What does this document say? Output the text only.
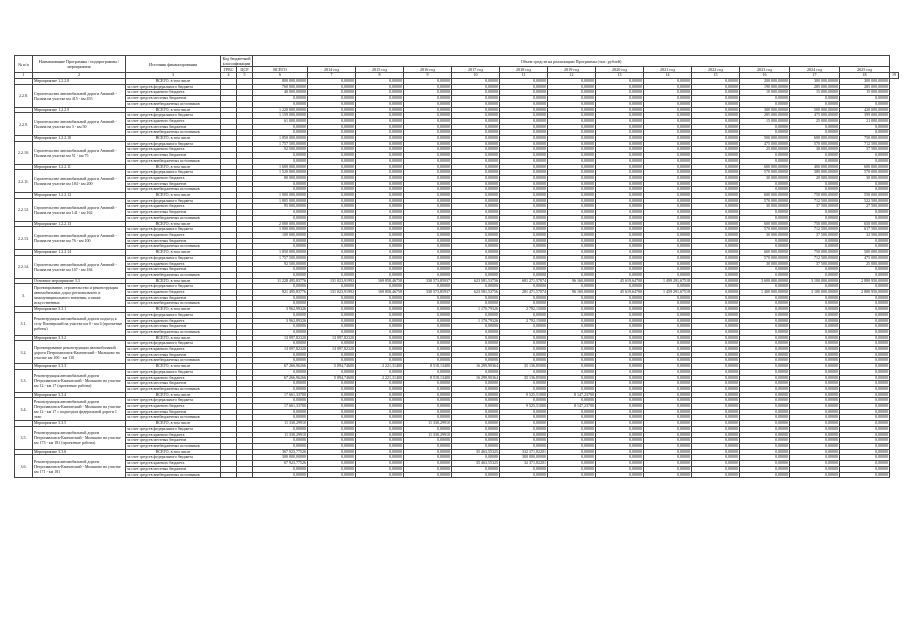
№ п/п	Наименование Программы / подпрограммы / мероприятия	Источник финансирования	Код бюджетной классификации		Объем средств на реализацию Программы (тыс. рублей)													
			ГРБС	ЦСР	ВСЕГО	2014 год	2015 год	2016 год	2017 год	2018 год	2019 год	2020 год	2021 год	2022 год	2023 год	2024 год	2025 год	
1	2	3	4	5	6	7	8	9	10	11	12	13	14	15	16	17	18	19
	Мероприятие 1.2.2.8	ВСЕГО, в том числе			800 000,00000	0,00000	0,00000	0,00000	0,00000	0,00000	0,00000	0,00000	0,00000	0,00000	200 000,00000	300 000,00000	300 000,00000	
2.2.8.	Строительство автомобильной дороги Анавгай - Палана на участке км 415 - км 455	за счет средств федерального бюджета			760 000,00000	0,00000	0,00000	0,00000	0,00000	0,00000	0,00000	0,00000	0,00000	0,00000	190 000,00000	285 000,00000	285 000,00000	
		за счет средств краевого бюджета			40 000,00000	0,00000	0,00000	0,00000	0,00000	0,00000	0,00000	0,00000	0,00000	0,00000	10 000,00000	15 000,00000	15 000,00000	
		за счет средств местных бюджетов			0,00000	0,00000	0,00000	0,00000	0,00000	0,00000	0,00000	0,00000	0,00000	0,00000	0,00000	0,00000	0,00000	
		за счет средств внебюджетных источников			0,00000	0,00000	0,00000	0,00000	0,00000	0,00000	0,00000	0,00000	0,00000	0,00000	0,00000	0,00000	0,00000	
	Мероприятие 1.2.2.9	ВСЕГО, в том числе			1 220 000,00000	0,00000	0,00000	0,00000	0,00000	0,00000	0,00000	0,00000	0,00000	0,00000	300 000,00000	500 000,00000	420 000,00000	
2.2.9.	Строительство автомобильной дороги Анавгай - Палана на участке км 3 - км 50	за счет средств федерального бюджета			1 159 000,00000	0,00000	0,00000	0,00000	0,00000	0,00000	0,00000	0,00000	0,00000	0,00000	285 000,00000	475 000,00000	399 000,00000	
		за счет средств краевого бюджета			61 000,00000	0,00000	0,00000	0,00000	0,00000	0,00000	0,00000	0,00000	0,00000	0,00000	15 000,00000	25 000,00000	21 000,00000	
		за счет средств местных бюджетов			0,00000	0,00000	0,00000	0,00000	0,00000	0,00000	0,00000	0,00000	0,00000	0,00000	0,00000	0,00000	0,00000	
		за счет средств внебюджетных источников			0,00000	0,00000	0,00000	0,00000	0,00000	0,00000	0,00000	0,00000	0,00000	0,00000	0,00000	0,00000	0,00000	
	Мероприятие 1.2.2.10	ВСЕГО, в том числе			1 850 000,00000	0,00000	0,00000	0,00000	0,00000	0,00000	0,00000	0,00000	0,00000	0,00000	500 000,00000	600 000,00000	750 000,00000	
2.2.10.	Строительство автомобильной дороги Анавгай - Палана на участке км 51 - км 75	за счет средств федерального бюджета			1 757 500,00000	0,00000	0,00000	0,00000	0,00000	0,00000	0,00000	0,00000	0,00000	0,00000	475 000,00000	570 000,00000	712 500,00000	
		за счет средств краевого бюджета			92 500,00000	0,00000	0,00000	0,00000	0,00000	0,00000	0,00000	0,00000	0,00000	0,00000	25 000,00000	30 000,00000	37 500,00000	
		за счет средств местных бюджетов			0,00000	0,00000	0,00000	0,00000	0,00000	0,00000	0,00000	0,00000	0,00000	0,00000	0,00000	0,00000	0,00000	
		за счет средств внебюджетных источников			0,00000	0,00000	0,00000	0,00000	0,00000	0,00000	0,00000	0,00000	0,00000	0,00000	0,00000	0,00000	0,00000	
	Мероприятие 1.2.2.11	ВСЕГО, в том числе			1 600 000,00000	0,00000	0,00000	0,00000	0,00000	0,00000	0,00000	0,00000	0,00000	0,00000	600 000,00000	400 000,00000	600 000,00000	
2.2.11.	Строительство автомобильной дороги Анавгай - Палана на участке км 184 - км 200	за счет средств федерального бюджета			1 520 000,00000	0,00000	0,00000	0,00000	0,00000	0,00000	0,00000	0,00000	0,00000	0,00000	570 000,00000	380 000,00000	570 000,00000	
		за счет средств краевого бюджета			80 000,00000	0,00000	0,00000	0,00000	0,00000	0,00000	0,00000	0,00000	0,00000	0,00000	30 000,00000	20 000,00000	30 000,00000	
		за счет средств местных бюджетов			0,00000	0,00000	0,00000	0,00000	0,00000	0,00000	0,00000	0,00000	0,00000	0,00000	0,00000	0,00000	0,00000	
		за счет средств внебюджетных источников			0,00000	0,00000	0,00000	0,00000	0,00000	0,00000	0,00000	0,00000	0,00000	0,00000	0,00000	0,00000	0,00000	
	Мероприятие 1.2.2.12	ВСЕГО, в том числе			1 900 000,00000	0,00000	0,00000	0,00000	0,00000	0,00000	0,00000	0,00000	0,00000	0,00000	600 000,00000	750 000,00000	550 000,00000	
2.2.12.	Строительство автомобильной дороги Анавгай - Палана на участке км 141 - км 162	за счет средств федерального бюджета			1 805 000,00000	0,00000	0,00000	0,00000	0,00000	0,00000	0,00000	0,00000	0,00000	0,00000	570 000,00000	712 500,00000	522 500,00000	
		за счет средств краевого бюджета			95 000,00000	0,00000	0,00000	0,00000	0,00000	0,00000	0,00000	0,00000	0,00000	0,00000	30 000,00000	37 500,00000	27 500,00000	
		за счет средств местных бюджетов			0,00000	0,00000	0,00000	0,00000	0,00000	0,00000	0,00000	0,00000	0,00000	0,00000	0,00000	0,00000	0,00000	
		за счет средств внебюджетных источников			0,00000	0,00000	0,00000	0,00000	0,00000	0,00000	0,00000	0,00000	0,00000	0,00000	0,00000	0,00000	0,00000	
	Мероприятие 1.2.2.13	ВСЕГО, в том числе			2 000 000,00000	0,00000	0,00000	0,00000	0,00000	0,00000	0,00000	0,00000	0,00000	0,00000	600 000,00000	750 000,00000	650 000,00000	
2.2.13.	Строительство автомобильной дороги Анавгай - Палана на участке км 76 - км 100	за счет средств федерального бюджета			1 900 000,00000	0,00000	0,00000	0,00000	0,00000	0,00000	0,00000	0,00000	0,00000	0,00000	570 000,00000	712 500,00000	617 500,00000	
		за счет средств краевого бюджета			100 000,00000	0,00000	0,00000	0,00000	0,00000	0,00000	0,00000	0,00000	0,00000	0,00000	30 000,00000	37 500,00000	32 500,00000	
		за счет средств местных бюджетов			0,00000	0,00000	0,00000	0,00000	0,00000	0,00000	0,00000	0,00000	0,00000	0,00000	0,00000	0,00000	0,00000	
		за счет средств внебюджетных источников			0,00000	0,00000	0,00000	0,00000	0,00000	0,00000	0,00000	0,00000	0,00000	0,00000	0,00000	0,00000	0,00000	
	Мероприятие 1.2.2.14	ВСЕГО, в том числе			1 850 000,00000	0,00000	0,00000	0,00000	0,00000	0,00000	0,00000	0,00000	0,00000	0,00000	600 000,00000	750 000,00000	500 000,00000	
2.2.14.	Строительство автомобильной дороги Анавгай - Палана на участке км 167 - км 184	за счет средств федерального бюджета			1 757 500,00000	0,00000	0,00000	0,00000	0,00000	0,00000	0,00000	0,00000	0,00000	0,00000	570 000,00000	712 500,00000	475 000,00000	
		за счет средств краевого бюджета			92 500,00000	0,00000	0,00000	0,00000	0,00000	0,00000	0,00000	0,00000	0,00000	0,00000	30 000,00000	37 500,00000	25 000,00000	
		за счет средств местных бюджетов			0,00000	0,00000	0,00000	0,00000	0,00000	0,00000	0,00000	0,00000	0,00000	0,00000	0,00000	0,00000	0,00000	
		за счет средств внебюджетных источников			0,00000	0,00000	0,00000	0,00000	0,00000	0,00000	0,00000	0,00000	0,00000	0,00000	0,00000	0,00000	0,00000	
	Основное мероприятие 3.3	ВСЕГО, в том числе			11 228 495,83776	131 023,91993	169 858,46758	330 573,85937	623 581,53756	681 271,57074	96 160,00000	45 619,64700	1 499 291,67518	0,00000	3 600 000,00000	3 100 000,00000	2 880 950,00000	
3.	Проектирование, строительство и реконструкция автомобильных дорог регионального и межмуниципального значения, а также искусственных	за счет средств федерального бюджета			0,00000	0,00000	0,00000	0,00000	0,00000	0,00000	0,00000	0,00000	0,00000	0,00000	0,00000	0,00000	0,00000	
		за счет средств краевого бюджета			921 495,83776	131 023,91993	169 858,46758	330 573,85937	623 581,53756	281 471,57074	96 160,00000	45 619,64700	1 459 291,67518	0,00000	1 400 000,00000	3 100 000,00000	2 880 950,00000	
		за счет средств местных бюджетов			0,00000	0,00000	0,00000	0,00000	0,00000	0,00000	0,00000	0,00000	0,00000	0,00000	0,00000	0,00000	0,00000	
		за счет средств внебюджетных источников			0,00000	0,00000	0,00000	0,00000	0,00000	0,00000	0,00000	0,00000	0,00000	0,00000	0,00000	0,00000	0,00000	
	Мероприятие 3.3.1	ВСЕГО, в том числе			3 962,99326	0,00000	0,00000	0,00000	1 170,79326	2 792,15000	0,00000	0,00000	0,00000	0,00000	0,00000	0,00000	0,00000	
3.1.	Реконструкция автомобильной дороги подъезд к селу Пионерский на участке км 0 - км 4 (проектные работы)	за счет средств федерального бюджета			0,00000	0,00000	0,00000	0,00000	0,00000	0,00000	0,00000	0,00000	0,00000	0,00000	0,00000	0,00000	0,00000	
		за счет средств краевого бюджета			3 962,89326	0,00000	0,00000	0,00000	1 170,79326	2 792,15000	0,00000	0,00000	0,00000	0,00000	0,00000	0,00000	0,00000	
		за счет средств местных бюджетов			0,00000	0,00000	0,00000	0,00000	0,00000	0,00000	0,00000	0,00000	0,00000	0,00000	0,00000	0,00000	0,00000	
		за счет средств внебюджетных источников			0,00000	0,00000	0,00000	0,00000	0,00000	0,00000	0,00000	0,00000	0,00000	0,00000	0,00000	0,00000	0,00000	
	Мероприятие 3.3.2	ВСЕГО, в том числе			13 097,82320	13 097,82320	0,00000	0,00000	0,00000	0,00000	0,00000	0,00000	0,00000	0,00000	0,00000	0,00000	0,00000	
3.2.	Проектирование реконструкции автомобильной дороги Петропавловск-Камчатский - Мильково на участке км 100 - км 110	за счет средств федерального бюджета			0,00000	0,00000	0,00000	0,00000	0,00000	0,00000	0,00000	0,00000	0,00000	0,00000	0,00000	0,00000	0,00000	
		за счет средств краевого бюджета			13 097,82320	13 097,82320	0,00000	0,00000	0,00000	0,00000	0,00000	0,00000	0,00000	0,00000	0,00000	0,00000	0,00000	
		за счет средств местных бюджетов			0,00000	0,00000	0,00000	0,00000	0,00000	0,00000	0,00000	0,00000	0,00000	0,00000	0,00000	0,00000	0,00000	
		за счет средств внебюджетных источников			0,00000	0,00000	0,00000	0,00000	0,00000	0,00000	0,00000	0,00000	0,00000	0,00000	0,00000	0,00000	0,00000	
	Мероприятие 3.3.3	ВСЕГО, в том числе			67 266,96266	5 094,74600	2 221,31400	8 518,13400	16 299,90364	35 136,85000	0,00000	0,00000	0,00000	0,00000	0,00000	0,00000	0,00000	
3.3.	Реконструкция автомобильной дороги Петропавловск-Камчатский - Мильково на участке км 12 - км 17 (проектные работы)	за счет средств федерального бюджета			0,00000	0,00000	0,00000	0,00000	0,00000	0,00000	0,00000	0,00000	0,00000	0,00000	0,00000	0,00000	0,00000	
		за счет средств краевого бюджета			67 266,96266	5 094,74600	2 221,31400	8 518,13400	16 299,90364	35 136,85000	0,00000	0,00000	0,00000	0,00000	0,00000	0,00000	0,00000	
		за счет средств местных бюджетов			0,00000	0,00000	0,00000	0,00000	0,00000	0,00000	0,00000	0,00000	0,00000	0,00000	0,00000	0,00000	0,00000	
		за счет средств внебюджетных источников			0,00000	0,00000	0,00000	0,00000	0,00000	0,00000	0,00000	0,00000	0,00000	0,00000	0,00000	0,00000	0,00000	
	Мероприятие 3.3.4	ВСЕГО, в том числе			17 661,33700	0,00000	0,00000	0,00000	0,00000	9 525,51000	8 147,23700	0,00000	0,00000	0,00000	0,00000	0,00000	0,00000	
3.4.	Реконструкция автомобильной дороги Петропавловск-Камчатский - Мильково на участке км 12 - км 17 с подъездом федеральной дороги 1 этап	за счет средств федерального бюджета			0,00000	0,00000	0,00000	0,00000	0,00000	0,00000	0,00000	0,00000	0,00000	0,00000	0,00000	0,00000	0,00000	
		за счет средств краевого бюджета			17 661,33700	0,00000	0,00000	0,00000	0,00000	9 525,51000	8 147,23700	0,00000	0,00000	0,00000	0,00000	0,00000	0,00000	
		за счет средств местных бюджетов			0,00000	0,00000	0,00000	0,00000	0,00000	0,00000	0,00000	0,00000	0,00000	0,00000	0,00000	0,00000	0,00000	
		за счет средств внебюджетных источников			0,00000	0,00000	0,00000	0,00000	0,00000	0,00000	0,00000	0,00000	0,00000	0,00000	0,00000	0,00000	0,00000	
	Мероприятие 3.3.5	ВСЕГО, в том числе			11 330,29910	0,00000	0,00000	11 330,29910	0,00000	0,00000	0,00000	0,00000	0,00000	0,00000	0,00000	0,00000	0,00000	
3.5.	Реконструкция автомобильной дороги Петропавловск-Камчатский - Мильково на участке км 173 - км 181 (проектные работы)	за счет средств федерального бюджета			0,00000	0,00000	0,00000	0,00000	0,00000	0,00000	0,00000	0,00000	0,00000	0,00000	0,00000	0,00000	0,00000	
		за счет средств краевого бюджета			11 330,29910	0,00000	0,00000	11 330,29910	0,00000	0,00000	0,00000	0,00000	0,00000	0,00000	0,00000	0,00000	0,00000	
		за счет средств местных бюджетов			0,00000	0,00000	0,00000	0,00000	0,00000	0,00000	0,00000	0,00000	0,00000	0,00000	0,00000	0,00000	0,00000	
		за счет средств внебюджетных источников			0,00000	0,00000	0,00000	0,00000	0,00000	0,00000	0,00000	0,00000	0,00000	0,00000	0,00000	0,00000	0,00000	
	Мероприятие 3.3.6	ВСЕГО, в том числе			367 923,77526	0,00000	0,00000	0,00000	35 463,55325	332 371,82201	0,00000	0,00000	0,00000	0,00000	0,00000	0,00000	0,00000	
3.6.	Реконструкция автомобильной дороги Петропавловск-Камчатский - Мильково на участке км 171 - км 181	за счет средств федерального бюджета			300 000,00000	0,00000	0,00000	0,00000	0,00000	300 000,00000	0,00000	0,00000	0,00000	0,00000	0,00000	0,00000	0,00000	
		за счет средств краевого бюджета			67 923,77526	0,00000	0,00000	0,00000	35 463,55325	32 371,82201	0,00000	0,00000	0,00000	0,00000	0,00000	0,00000	0,00000	
		за счет средств местных бюджетов			0,00000	0,00000	0,00000	0,00000	0,00000	0,00000	0,00000	0,00000	0,00000	0,00000	0,00000	0,00000	0,00000	
		за счет средств внебюджетных источников			0,00000	0,00000	0,00000	0,00000	0,00000	0,00000	0,00000	0,00000	0,00000	0,00000	0,00000	0,00000	0,00000	
